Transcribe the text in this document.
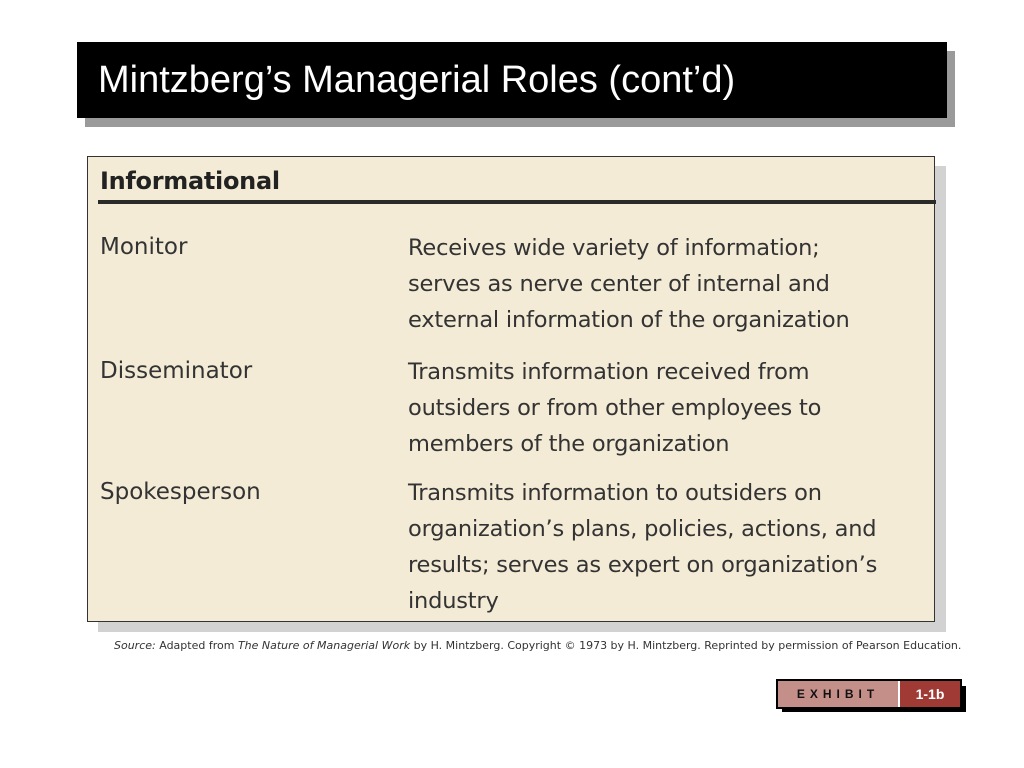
Mintzberg’s Managerial Roles (cont’d)
Informational
Monitor	Receives wide variety of information;
serves as nerve center of internal and
external information of the organization
Disseminator	Transmits information received from
outsiders or from other employees to
members of the organization
Spokesperson	Transmits information to outsiders on
organization’s plans, policies, actions, and
results; serves as expert on organization’s
industry
Source: Adapted from The Nature of Managerial Work by H. Mintzberg. Copyright © 1973 by H. Mintzberg. Reprinted by permission of Pearson Education.
EXHIBIT	1-1b
